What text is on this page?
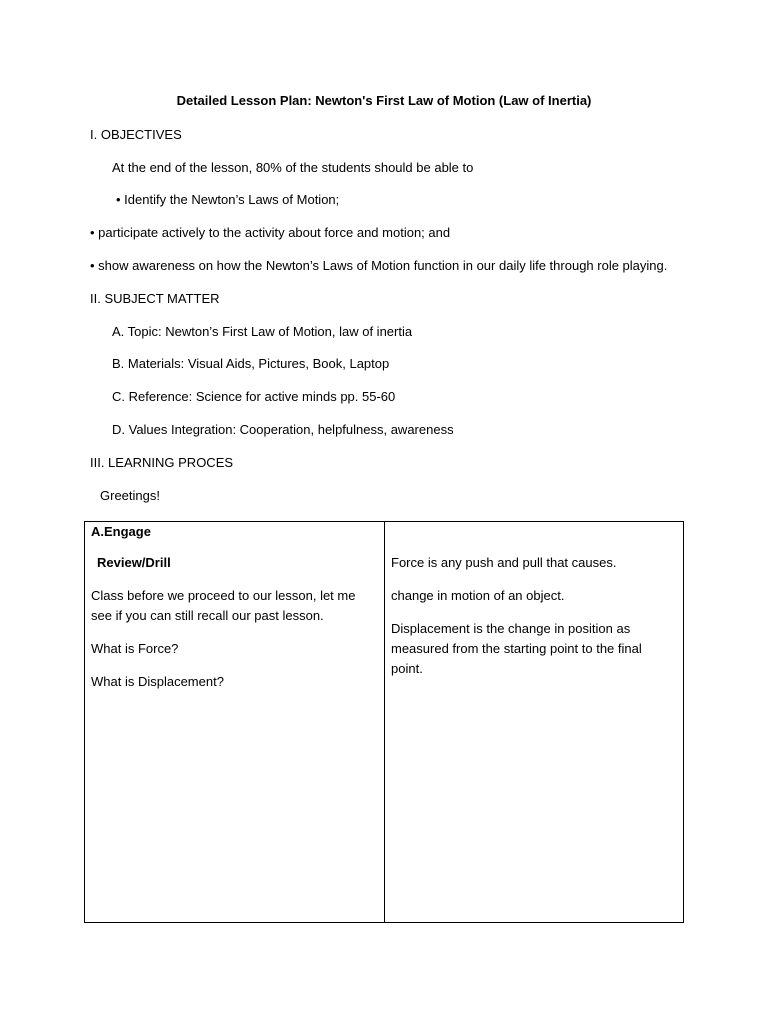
Detailed Lesson Plan: Newton's First Law of Motion (Law of Inertia)
I. OBJECTIVES
At the end of the lesson, 80% of the students should be able to
• Identify the Newton’s Laws of Motion;
• participate actively to the activity about force and motion; and
• show awareness on how the Newton’s Laws of Motion function in our daily life through role playing.
II. SUBJECT MATTER
A. Topic: Newton’s First Law of Motion, law of inertia
B. Materials: Visual Aids, Pictures, Book, Laptop
C. Reference: Science for active minds pp. 55-60
D. Values Integration: Cooperation, helpfulness, awareness
III. LEARNING PROCES
Greetings!
A.Engage
Review/Drill
Class before we proceed to our lesson, let me see if you can still recall our past lesson.
What is Force?
What is Displacement?
Force is any push and pull that causes.
change in motion of an object.
Displacement is the change in position as measured from the starting point to the final point.
